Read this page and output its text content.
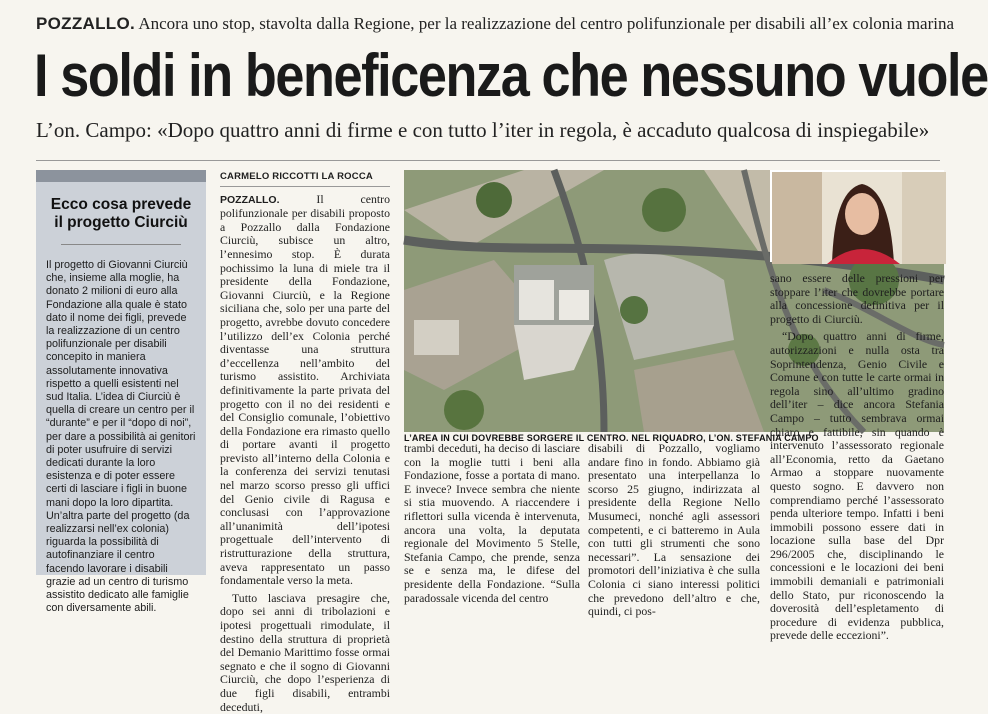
POZZALLO. Ancora uno stop, stavolta dalla Regione, per la realizzazione del centro polifunzionale per disabili all’ex colonia marina
I soldi in beneficenza che nessuno vuole
L’on. Campo: «Dopo quattro anni di firme e con tutto l’iter in regola, è accaduto qualcosa di inspiegabile»
Ecco cosa prevede
il progetto Ciurciù

Il progetto di Giovanni Ciurciù che, insieme alla moglie, ha donato 2 milioni di euro alla Fondazione alla quale è stato dato il nome dei figli, prevede la realizzazione di un centro polifunzionale per disabili concepito in maniera assolutamente innovativa rispetto a quelli esistenti nel sud Italia. L’idea di Ciurciù è quella di creare un centro per il “durante” e per il “dopo di noi”, per dare a possibilità ai genitori di poter usufruire di servizi dedicati durante la loro esistenza e di poter essere certi di lasciare i figli in buone mani dopo la loro dipartita. Un’altra parte del progetto (da realizzarsi nell’ex colonia) riguarda la possibilità di autofinanziare il centro facendo lavorare i disabili grazie ad un centro di turismo assistito dedicato alle famiglie con diversamente abili.

CARMELO RICCOTTI LA ROCCA

POZZALLO. Il centro polifunzionale per disabili proposto a Pozzallo dalla Fondazione Ciurciù, subisce un altro, l’ennesimo stop. È durata pochissimo la luna di miele tra il presidente della Fondazione, Giovanni Ciurciù, e la Regione siciliana che, solo per una parte del progetto, avrebbe dovuto concedere l’utilizzo dell’ex Colonia perché diventasse una struttura d’eccellenza nell’ambito del turismo assistito. Archiviata definitivamente la parte privata del progetto con il no dei residenti e del Consiglio comunale, l’obiettivo della Fondazione era rimasto quello di portare avanti il progetto previsto all’interno della Colonia e la conferenza dei servizi tenutasi nel marzo scorso presso gli uffici del Genio civile di Ragusa e conclusasi con l’approvazione all’unanimità dell’ipotesi progettuale dell’intervento di ristrutturazione della struttura, aveva rappresentato un passo fondamentale verso la meta.

Tutto lasciava presagire che, dopo sei anni di tribolazioni e ipotesi progettuali rimodulate, il destino della struttura di proprietà del Demanio Marittimo fosse ormai segnato e che il sogno di Giovanni Ciurciù, che dopo l’esperienza di due figli disabili, entrambi deceduti,

L’AREA IN CUI DOVREBBE SORGERE IL CENTRO. NEL RIQUADRO, L’ON. STEFANIA CAMPO

trambi deceduti, ha deciso di lasciare con la moglie tutti i beni alla Fondazione, fosse a portata di mano. E invece? Invece sembra che niente si stia muovendo. A riaccendere i riflettori sulla vicenda è intervenuta, ancora una volta, la deputata regionale del Movimento 5 Stelle, Stefania Campo, che prende, senza se e senza ma, le difese del presidente della Fondazione. “Sulla paradossale vicenda del centro

disabili di Pozzallo, vogliamo andare fino in fondo. Abbiamo già presentato una interpellanza lo scorso 25 giugno, indirizzata al presidente della Regione Nello Musumeci, nonché agli assessori competenti, e ci batteremo in Aula con tutti gli strumenti che sono necessari”. La sensazione dei promotori dell’iniziativa è che sulla Colonia ci siano interessi politici che prevedono dell’altro e che, quindi, ci pos-

sano essere delle pressioni per stoppare l’iter che dovrebbe portare alla concessione definitiva per il progetto di Ciurciù.

“Dopo quattro anni di firme, autorizzazioni e nulla osta tra Soprintendenza, Genio Civile e Comune e con tutte le carte ormai in regola sino all’ultimo gradino dell’iter – dice ancora Stefania Campo – tutto sembrava ormai chiaro e fattibile, sin quando è intervenuto l’assessorato regionale all’Economia, retto da Gaetano Armao a stoppare nuovamente questo sogno. E davvero non comprendiamo perché l’assessorato penda ulteriore tempo. Infatti i beni immobili possono essere dati in locazione sulla base del Dpr 296/2005 che, disciplinando le concessioni e le locazioni dei beni immobili demaniali e patrimoniali dello Stato, pur riconoscendo la doverosità dell’espletamento di procedure di evidenza pubblica, prevede delle eccezioni”.
